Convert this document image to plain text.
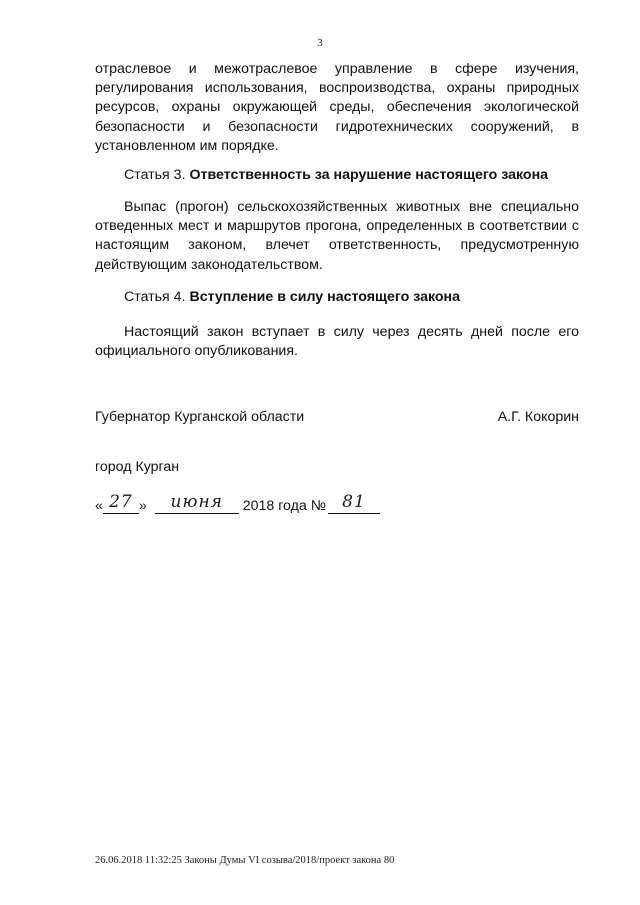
3

отраслевое и межотраслевое управление в сфере изучения, регулирования использования, воспроизводства, охраны природных ресурсов, охраны окружающей среды, обеспечения экологической безопасности и безопасности гидротехнических сооружений, в установленном им порядке.

Статья 3. Ответственность за нарушение настоящего закона

Выпас (прогон) сельскохозяйственных животных вне специально отведенных мест и маршрутов прогона, определенных в соответствии с настоящим законом, влечет ответственность, предусмотренную действующим законодательством.

Статья 4. Вступление в силу настоящего закона

Настоящий закон вступает в силу через десять дней после его официального опубликования.

Губернатор Курганской области	А.Г. Кокорин
город Курган
« 27 » июня 2018 года № 81
26.06.2018 11:32:25 Законы Думы VI созыва/2018/проект закона 80
